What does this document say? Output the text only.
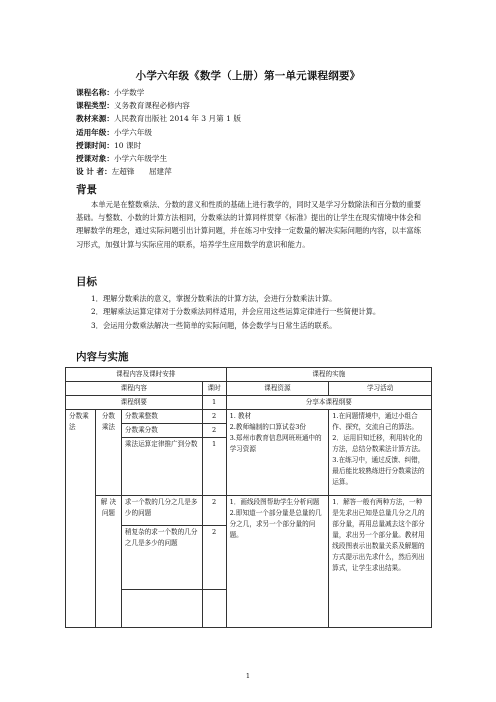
小学六年级《数学（上册）第一单元课程纲要》
课程名称：小学数学
课程类型：义务教育课程必修内容
教材来源：人民教育出版社 2014 年 3 月第 1 版
适用年级：小学六年级
授课时间：10 课时
授课对象：小学六年级学生
设 计 者：左超锋      屈建萍
背景
本单元是在整数乘法、分数的意义和性质的基础上进行教学的，同时又是学习分数除法和百分数的重要基础。与整数、小数的计算方法相同，分数乘法的计算同样贯穿《标准》提出的让学生在现实情境中体会和理解数学的理念，通过实际问题引出计算问题，并在练习中安排一定数量的解决实际问题的内容，以丰富练习形式，加强计算与实际应用的联系，培养学生应用数学的意识和能力。
目标
1．理解分数乘法的意义，掌握分数乘法的计算方法，会进行分数乘法计算。
2．理解乘法运算定律对于分数乘法同样适用，并会应用这些运算定律进行一些简便计算。
3．会运用分数乘法解决一些简单的实际问题，体会数学与日常生活的联系。
内容与实施
课程内容及课时安排				课程的实施	
课程内容			课时	课程资源	学习活动
课程纲要			1	分享本课程纲要	
分数乘法	分数乘法	分数乘整数	2	1. 教材
2.教师编制的口算试卷3份
3.郑州市教育信息网班班通中的学习资源	1.在问题情境中，通过小组合作、探究，交流自己的算法。
2．运用旧知迁移，利用转化的方法，总结分数乘法计算方法。
3.在练习中，通过反馈、纠错，最后能比较熟练进行分数乘法的运算。
		分数乘分数	2		
		乘法运算定律推广到分数	1		
	解 决问题	求一个数的几分之几是多少的问题	2	1．画线段图帮助学生分析问题
2.即知道一个部分量是总量的几分之几，求另一个部分量的问题。	1．解答一般有两种方法，一种是先求出已知是总量几分之几的部分量，再用总量减去这个部分量，求出另一个部分量。教材用线段图表示出数量关系及解题的方式提示出先求什么，然后列出算式，让学生求出结果。
		稍复杂的求一个数的几分之几是多少的问题	2		

1
